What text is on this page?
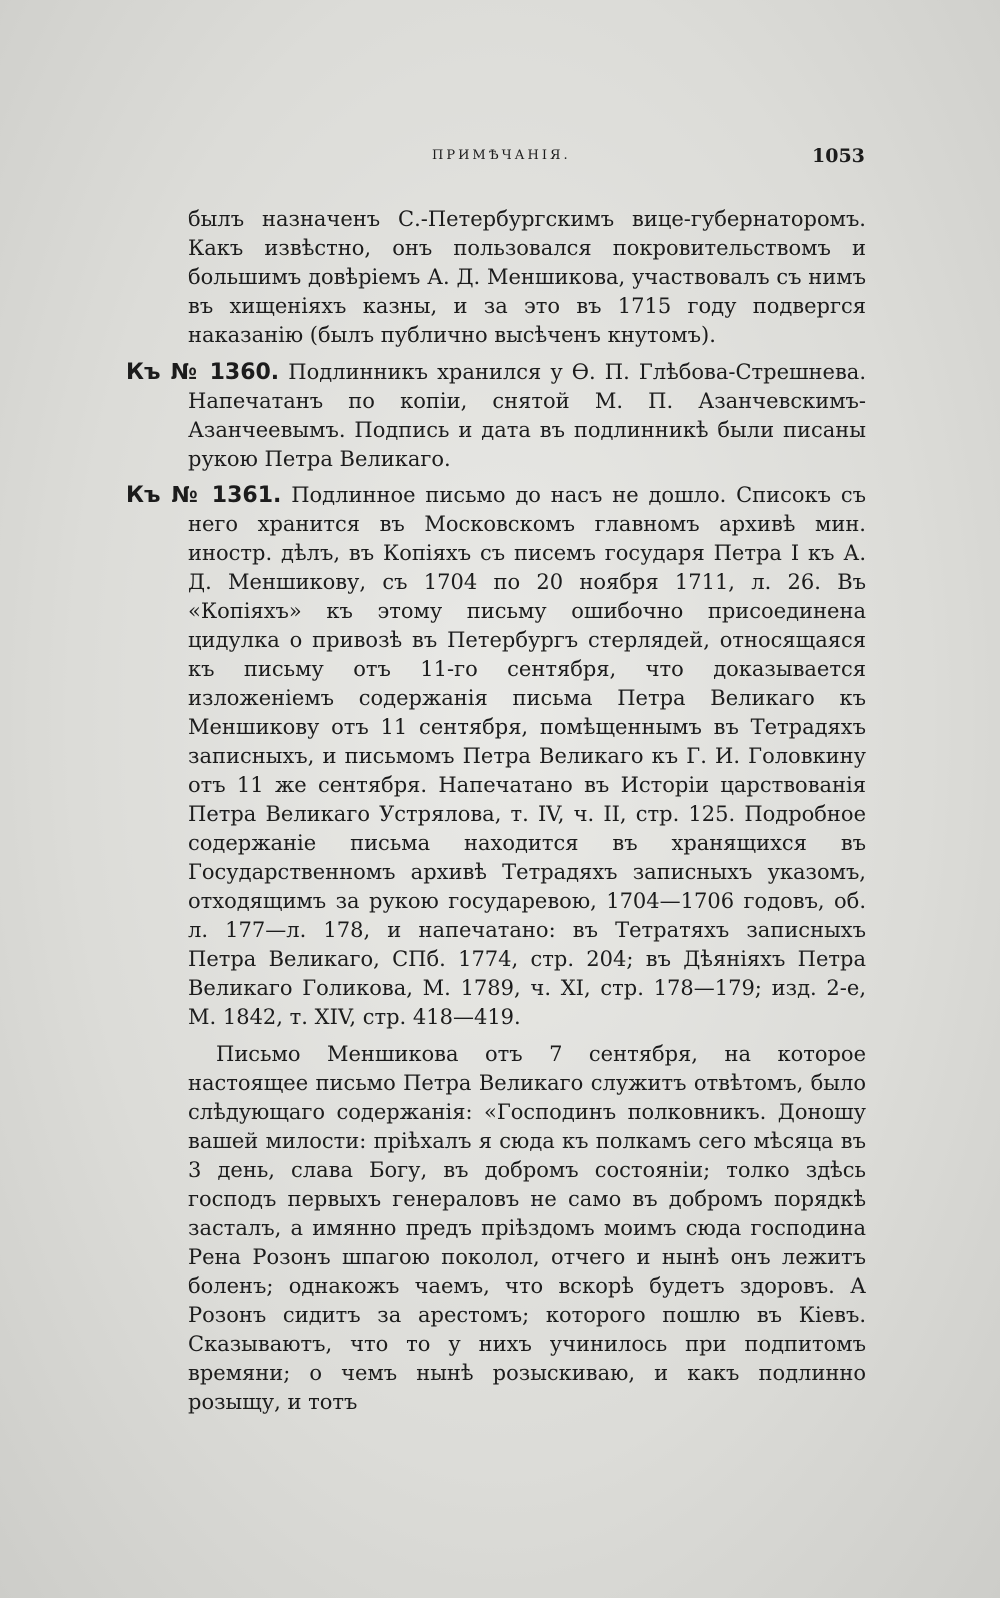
ПРИМѢЧАНІЯ.	1053

былъ назначенъ С.-Петербургскимъ вице-губернаторомъ. Какъ извѣстно, онъ пользовался покровительствомъ и большимъ довѣріемъ А. Д. Меншикова, участвовалъ съ нимъ въ хищеніяхъ казны, и за это въ 1715 году подвергся наказанію (былъ публично высѣченъ кнутомъ).

Къ № 1360. Подлинникъ хранился у Ѳ. П. Глѣбова-Стрешнева. Напечатанъ по копіи, снятой М. П. Азанчевскимъ-Азанчеевымъ. Подпись и дата въ подлинникѣ были писаны рукою Петра Великаго.

Къ № 1361. Подлинное письмо до насъ не дошло. Списокъ съ него хранится въ Московскомъ главномъ архивѣ мин. иностр. дѣлъ, въ Копіяхъ съ писемъ государя Петра I къ А. Д. Меншикову, съ 1704 по 20 ноября 1711, л. 26. Въ «Копіяхъ» къ этому письму ошибочно присоединена цидулка о привозѣ въ Петербургъ стерлядей, относящаяся къ письму отъ 11-го сентября, что доказывается изложеніемъ содержанія письма Петра Великаго къ Меншикову отъ 11 сентября, помѣщеннымъ въ Тетрадяхъ записныхъ, и письмомъ Петра Великаго къ Г. И. Головкину отъ 11 же сентября. Напечатано въ Исторіи царствованія Петра Великаго Устрялова, т. IV, ч. II, стр. 125. Подробное содержаніе письма находится въ хранящихся въ Государственномъ архивѣ Тетрадяхъ записныхъ указомъ, отходящимъ за рукою государевою, 1704—1706 годовъ, об. л. 177—л. 178, и напечатано: въ Тетратяхъ записныхъ Петра Великаго, СПб. 1774, стр. 204; въ Дѣяніяхъ Петра Великаго Голикова, М. 1789, ч. XI, стр. 178—179; изд. 2-е, М. 1842, т. XIV, стр. 418—419.

Письмо Меншикова отъ 7 сентября, на которое настоящее письмо Петра Великаго служитъ отвѣтомъ, было слѣдующаго содержанія: «Господинъ полковникъ. Доношу вашей милости: пріѣхалъ я сюда къ полкамъ сего мѣсяца въ 3 день, слава Богу, въ добромъ состояніи; толко здѣсь господъ первыхъ генераловъ не само въ добромъ порядкѣ засталъ, а имянно предъ пріѣздомъ моимъ сюда господина Рена Розонъ шпагою поколол, отчего и нынѣ онъ лежитъ боленъ; однакожъ чаемъ, что вскорѣ будетъ здоровъ. А Розонъ сидитъ за арестомъ; которого пошлю въ Кіевъ. Сказываютъ, что то у нихъ учинилось при подпитомъ времяни; о чемъ нынѣ розыскиваю, и какъ подлинно розыщу, и тотъ
